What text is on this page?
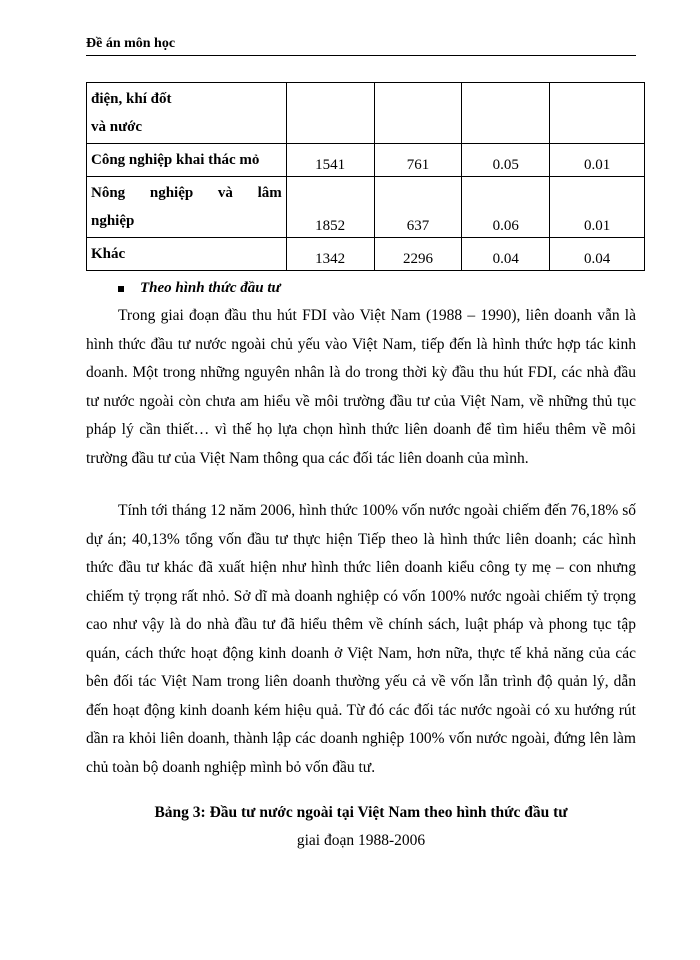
Đề án môn học
điện, khí đốt
và nước				

Công nghiệp khai thác mỏ	1541	761	0.05	0.01

Nông nghiệp và lâm
nghiệp	1852	637	0.06	0.01
Khác	1342	2296	0.04	0.04
Theo hình thức đầu tư

Trong giai đoạn đầu thu hút FDI vào Việt Nam (1988 – 1990), liên doanh vẫn là hình thức đầu tư nước ngoài chủ yếu vào Việt Nam, tiếp đến là hình thức hợp tác kinh doanh. Một trong những nguyên nhân là do trong thời kỳ đầu thu hút FDI, các nhà đầu tư nước ngoài còn chưa am hiểu về môi trường đầu tư của Việt Nam, về những thủ tục pháp lý cần thiết… vì thế họ lựa chọn hình thức liên doanh để tìm hiểu thêm về môi trường đầu tư của Việt Nam thông qua các đối tác liên doanh của mình.

Tính tới tháng 12 năm 2006, hình thức 100% vốn nước ngoài chiếm đến 76,18% số dự án; 40,13% tổng vốn đầu tư thực hiện Tiếp theo là hình thức liên doanh; các hình thức đầu tư khác đã xuất hiện như hình thức liên doanh kiểu công ty mẹ – con nhưng chiếm tỷ trọng rất nhỏ. Sở dĩ mà doanh nghiệp có vốn 100% nước ngoài chiếm tỷ trọng cao như vậy là do nhà đầu tư đã hiểu thêm về chính sách, luật pháp và phong tục tập quán, cách thức hoạt động kinh doanh ở Việt Nam, hơn nữa, thực tế khả năng của các bên đối tác Việt Nam trong liên doanh thường yếu cả về vốn lẫn trình độ quản lý, dẫn đến hoạt động kinh doanh kém hiệu quả. Từ đó các đối tác nước ngoài có xu hướng rút dần ra khỏi liên doanh, thành lập các doanh nghiệp 100% vốn nước ngoài, đứng lên làm chủ toàn bộ doanh nghiệp mình bỏ vốn đầu tư.

Bảng 3: Đầu tư nước ngoài tại Việt Nam theo hình thức đầu tư

giai đoạn 1988-2006
